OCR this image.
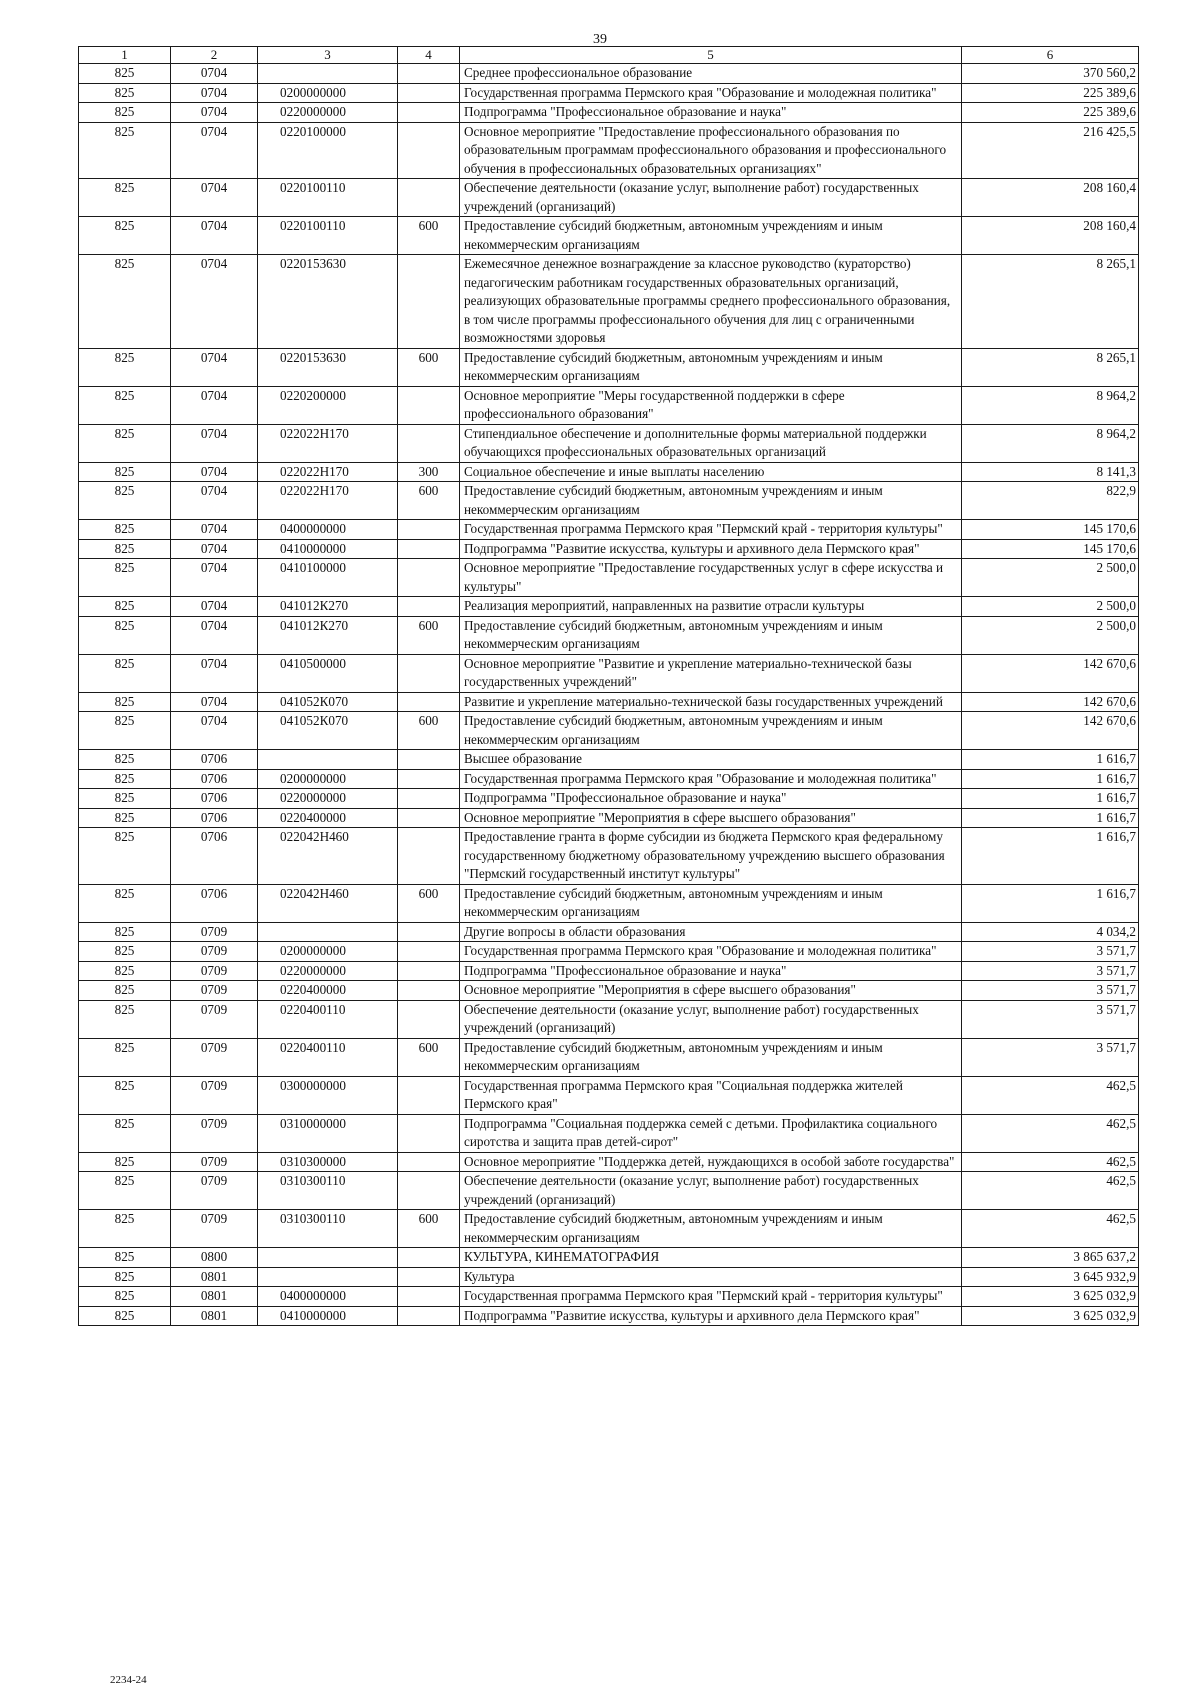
39
1	2	3	4	5	6
825	0704			Среднее профессиональное образование	370 560,2
825	0704	0200000000		Государственная программа Пермского края "Образование и молодежная политика"	225 389,6
825	0704	0220000000		Подпрограмма "Профессиональное образование и наука"	225 389,6
825	0704	0220100000		Основное мероприятие "Предоставление профессионального образования по образовательным программам профессионального образования и профессионального обучения в профессиональных образовательных организациях"	216 425,5
825	0704	0220100110		Обеспечение деятельности (оказание услуг, выполнение работ) государственных учреждений (организаций)	208 160,4
825	0704	0220100110	600	Предоставление субсидий бюджетным, автономным учреждениям и иным некоммерческим организациям	208 160,4
825	0704	0220153630		Ежемесячное денежное вознаграждение за классное руководство (кураторство) педагогическим работникам государственных образовательных организаций, реализующих образовательные программы среднего профессионального образования, в том числе программы профессионального обучения для лиц с ограниченными возможностями здоровья	8 265,1
825	0704	0220153630	600	Предоставление субсидий бюджетным, автономным учреждениям и иным некоммерческим организациям	8 265,1
825	0704	0220200000		Основное мероприятие "Меры государственной поддержки в сфере профессионального образования"	8 964,2
825	0704	022022Н170		Стипендиальное обеспечение и дополнительные формы материальной поддержки обучающихся профессиональных образовательных организаций	8 964,2
825	0704	022022Н170	300	Социальное обеспечение и иные выплаты населению	8 141,3
825	0704	022022Н170	600	Предоставление субсидий бюджетным, автономным учреждениям и иным некоммерческим организациям	822,9
825	0704	0400000000		Государственная программа Пермского края "Пермский край - территория культуры"	145 170,6
825	0704	0410000000		Подпрограмма "Развитие искусства, культуры и архивного дела Пермского края"	145 170,6
825	0704	0410100000		Основное мероприятие "Предоставление государственных услуг в сфере искусства и культуры"	2 500,0
825	0704	041012К270		Реализация мероприятий, направленных на развитие отрасли культуры	2 500,0
825	0704	041012К270	600	Предоставление субсидий бюджетным, автономным учреждениям и иным некоммерческим организациям	2 500,0
825	0704	0410500000		Основное мероприятие "Развитие и укрепление материально-технической базы государственных учреждений"	142 670,6
825	0704	041052К070		Развитие и укрепление материально-технической базы государственных учреждений	142 670,6
825	0704	041052К070	600	Предоставление субсидий бюджетным, автономным учреждениям и иным некоммерческим организациям	142 670,6
825	0706			Высшее образование	1 616,7
825	0706	0200000000		Государственная программа Пермского края "Образование и молодежная политика"	1 616,7
825	0706	0220000000		Подпрограмма "Профессиональное образование и наука"	1 616,7
825	0706	0220400000		Основное мероприятие "Мероприятия в сфере высшего образования"	1 616,7
825	0706	022042Н460		Предоставление гранта в форме субсидии из бюджета Пермского края федеральному государственному бюджетному образовательному учреждению высшего образования "Пермский государственный институт культуры"	1 616,7
825	0706	022042Н460	600	Предоставление субсидий бюджетным, автономным учреждениям и иным некоммерческим организациям	1 616,7
825	0709			Другие вопросы в области образования	4 034,2
825	0709	0200000000		Государственная программа Пермского края "Образование и молодежная политика"	3 571,7
825	0709	0220000000		Подпрограмма "Профессиональное образование и наука"	3 571,7
825	0709	0220400000		Основное мероприятие "Мероприятия в сфере высшего образования"	3 571,7
825	0709	0220400110		Обеспечение деятельности (оказание услуг, выполнение работ) государственных учреждений (организаций)	3 571,7
825	0709	0220400110	600	Предоставление субсидий бюджетным, автономным учреждениям и иным некоммерческим организациям	3 571,7
825	0709	0300000000		Государственная программа Пермского края "Социальная поддержка жителей Пермского края"	462,5
825	0709	0310000000		Подпрограмма "Социальная поддержка семей с детьми. Профилактика социального сиротства и защита прав детей-сирот"	462,5
825	0709	0310300000		Основное мероприятие "Поддержка детей, нуждающихся в особой заботе государства"	462,5
825	0709	0310300110		Обеспечение деятельности (оказание услуг, выполнение работ) государственных учреждений (организаций)	462,5
825	0709	0310300110	600	Предоставление субсидий бюджетным, автономным учреждениям и иным некоммерческим организациям	462,5
825	0800			КУЛЬТУРА, КИНЕМАТОГРАФИЯ	3 865 637,2
825	0801			Культура	3 645 932,9
825	0801	0400000000		Государственная программа Пермского края "Пермский край - территория культуры"	3 625 032,9
825	0801	0410000000		Подпрограмма "Развитие искусства, культуры и архивного дела Пермского края"	3 625 032,9
2234-24
